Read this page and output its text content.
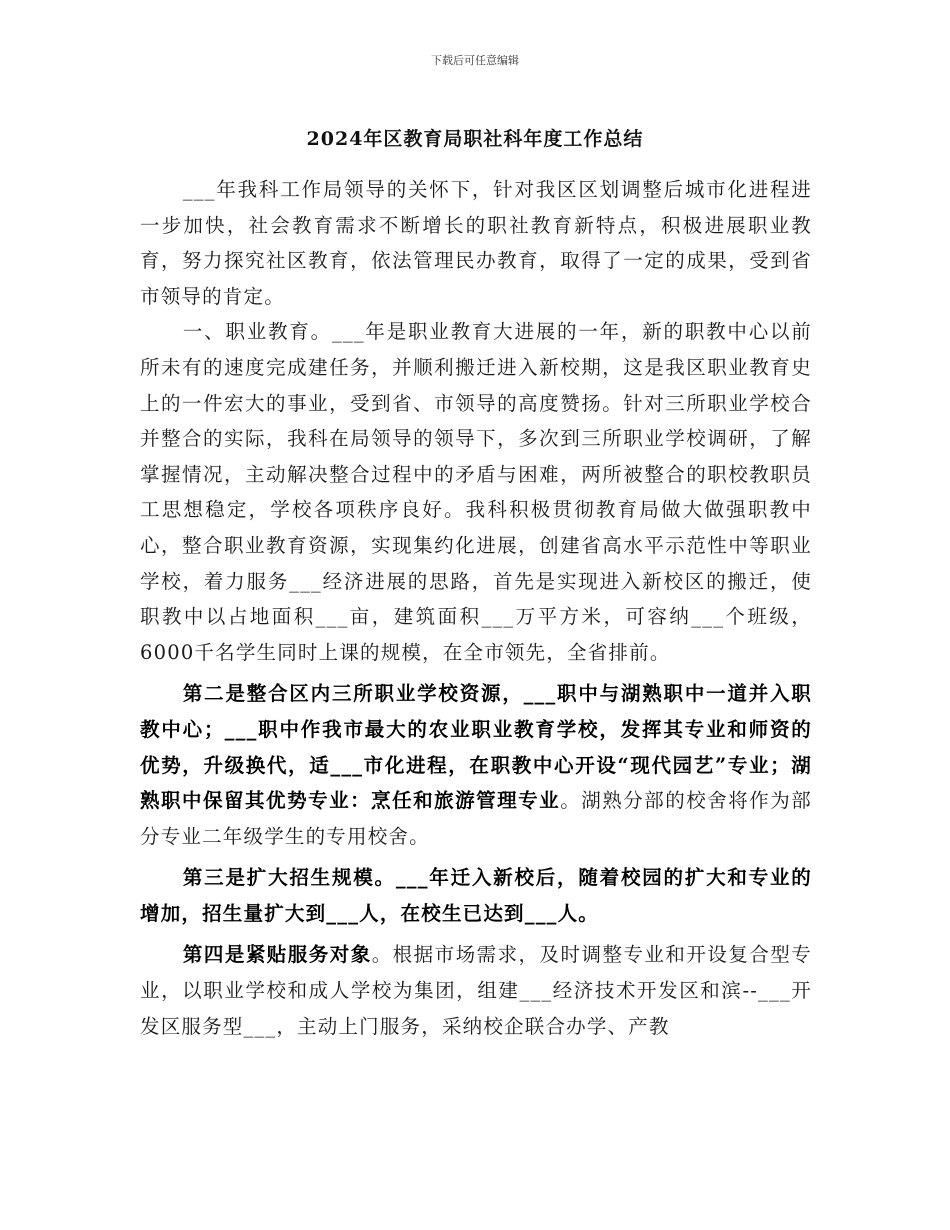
下载后可任意编辑
2024年区教育局职社科年度工作总结

___年我科工作局领导的关怀下，针对我区区划调整后城市化进程进一步加快，社会教育需求不断增长的职社教育新特点，积极进展职业教育，努力探究社区教育，依法管理民办教育，取得了一定的成果，受到省市领导的肯定。

一、职业教育。___年是职业教育大进展的一年，新的职教中心以前所未有的速度完成建任务，并顺利搬迁进入新校期，这是我区职业教育史上的一件宏大的事业，受到省、市领导的高度赞扬。针对三所职业学校合并整合的实际，我科在局领导的领导下，多次到三所职业学校调研，了解掌握情况，主动解决整合过程中的矛盾与困难，两所被整合的职校教职员工思想稳定，学校各项秩序良好。我科积极贯彻教育局做大做强职教中心，整合职业教育资源，实现集约化进展，创建省高水平示范性中等职业学校，着力服务___经济进展的思路，首先是实现进入新校区的搬迁，使职教中以占地面积___亩，建筑面积___万平方米，可容纳___个班级，6000千名学生同时上课的规模，在全市领先，全省排前。

第二是整合区内三所职业学校资源，___职中与湖熟职中一道并入职教中心；___职中作我市最大的农业职业教育学校，发挥其专业和师资的优势，升级换代，适___市化进程，在职教中心开设“现代园艺”专业；湖熟职中保留其优势专业：烹任和旅游管理专业。湖熟分部的校舍将作为部分专业二年级学生的专用校舍。

第三是扩大招生规模。___年迁入新校后，随着校园的扩大和专业的增加，招生量扩大到___人，在校生已达到___人。

第四是紧贴服务对象。根据市场需求，及时调整专业和开设复合型专业，以职业学校和成人学校为集团，组建___经济技术开发区和滨--___开发区服务型___，主动上门服务，采纳校企联合办学、产教
